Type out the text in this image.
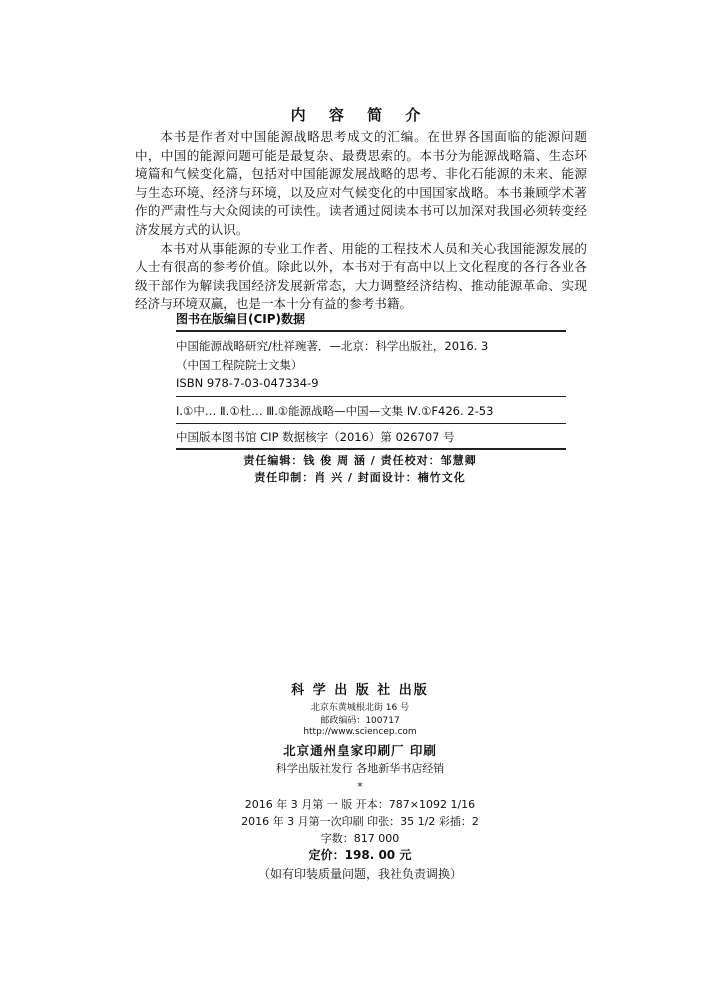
内 容 简 介

本书是作者对中国能源战略思考成文的汇编。在世界各国面临的能源问题中，中国的能源问题可能是最复杂、最费思索的。本书分为能源战略篇、生态环境篇和气候变化篇，包括对中国能源发展战略的思考、非化石能源的未来、能源与生态环境、经济与环境，以及应对气候变化的中国国家战略。本书兼顾学术著作的严肃性与大众阅读的可读性。读者通过阅读本书可以加深对我国必须转变经济发展方式的认识。

本书对从事能源的专业工作者、用能的工程技术人员和关心我国能源发展的人士有很高的参考价值。除此以外，本书对于有高中以上文化程度的各行各业各级干部作为解读我国经济发展新常态，大力调整经济结构、推动能源革命、实现经济与环境双赢，也是一本十分有益的参考书籍。

图书在版编目(CIP)数据
中国能源战略研究/杜祥琬著．—北京：科学出版社，2016. 3
（中国工程院院士文集）
ISBN 978-7-03-047334-9
Ⅰ.①中… Ⅱ.①杜… Ⅲ.①能源战略—中国—文集 Ⅳ.①F426. 2-53
中国版本图书馆 CIP 数据核字（2016）第 026707 号
责任编辑：钱 俊 周 涵 / 责任校对：邹慧卿
责任印制：肖 兴 / 封面设计：楠竹文化
科 学 出 版 社 出版
北京东黄城根北街 16 号
邮政编码：100717
http://www.sciencep.com
北京通州皇家印刷厂 印刷
科学出版社发行 各地新华书店经销
*
2016 年 3 月第 一 版 开本：787×1092 1/16
2016 年 3 月第一次印刷 印张：35 1/2 彩插：2
字数：817 000
定价：198. 00 元
（如有印装质量问题，我社负责调换）
